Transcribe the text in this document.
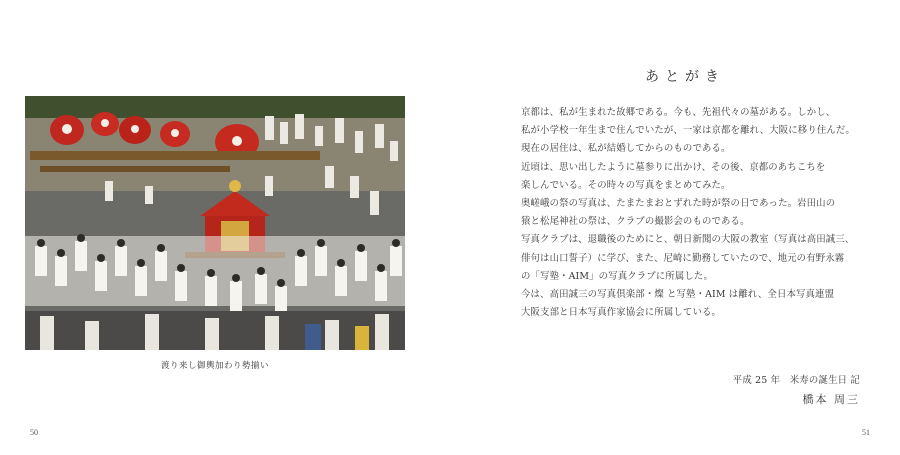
渡り来し御輿加わり勢揃い
50
あとがき

京都は、私が生まれた故郷である。今も、先祖代々の墓がある。しかし、

私が小学校一年生まで住んでいたが、一家は京都を離れ、大阪に移り住んだ。

現在の居住は、私が結婚してからのものである。

近頃は、思い出したように墓参りに出かけ、その後、京都のあちこちを

楽しんでいる。その時々の写真をまとめてみた。

奥嵯峨の祭の写真は、たまたまおとずれた時が祭の日であった。岩田山の

猿と松尾神社の祭は、クラブの撮影会のものである。

写真クラブは、退職後のためにと、朝日新聞の大阪の教室（写真は高田誠三、

俳句は山口誓子）に学び、また、尼崎に勤務していたので、地元の有野永霧

の「写塾・AIM」の写真クラブに所属した。

今は、高田誠三の写真倶楽部・燦 と写塾・AIM は離れ、全日本写真連盟

大阪支部と日本写真作家協会に所属している。

平成 25 年　米寿の誕生日 記
橋本 周三
51
